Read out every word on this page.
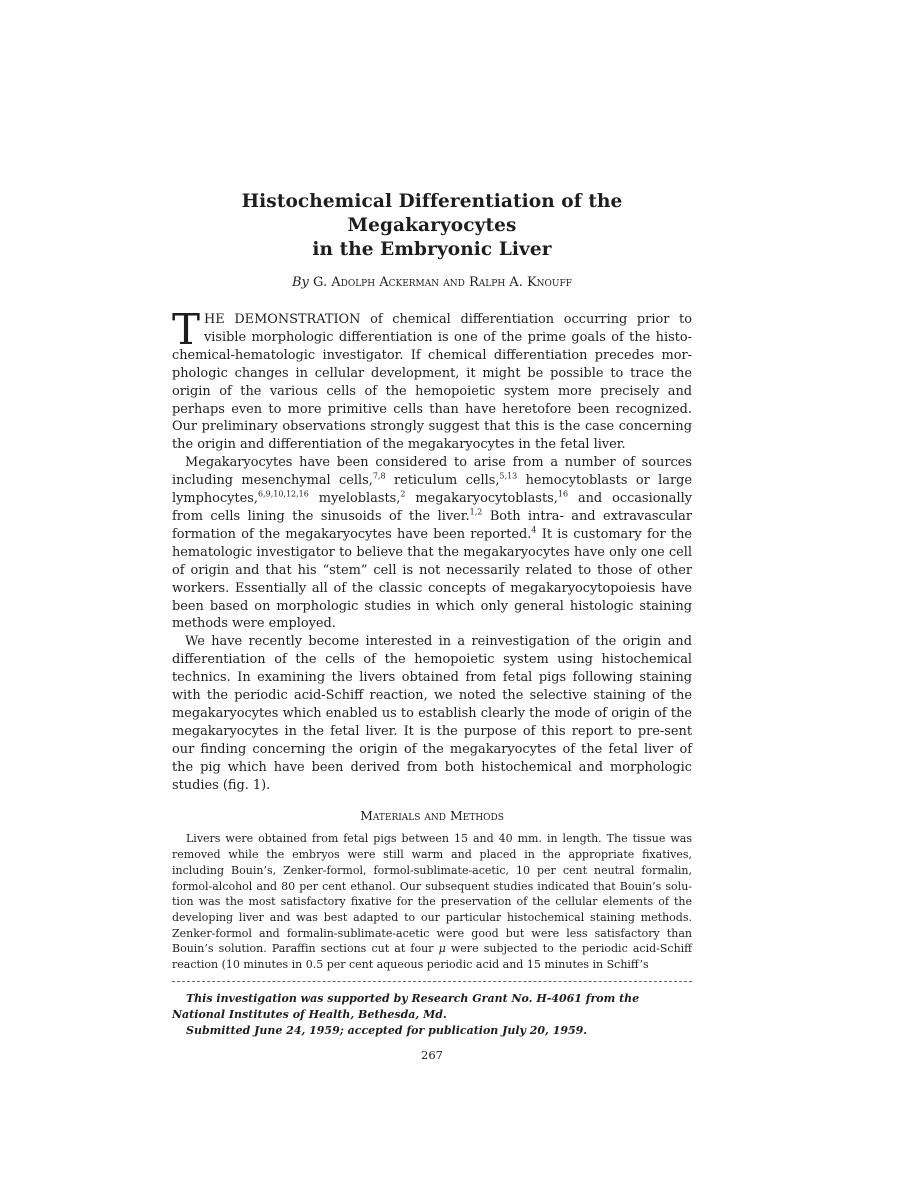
Histochemical Differentiation of the Megakaryocytes
in the Embryonic Liver
By G. Adolph Ackerman and Ralph A. Knouff

THE DEMONSTRATION of chemical differentiation occurring prior to visible morphologic differentiation is one of the prime goals of the histo-chemical-hematologic investigator. If chemical differentiation precedes mor-phologic changes in cellular development, it might be possible to trace the origin of the various cells of the hemopoietic system more precisely and perhaps even to more primitive cells than have heretofore been recognized. Our preliminary observations strongly suggest that this is the case concerning the origin and differentiation of the megakaryocytes in the fetal liver.

Megakaryocytes have been considered to arise from a number of sources including mesenchymal cells,$^{7,8}$ reticulum cells,$^{5,13}$ hemocytoblasts or large lymphocytes,$^{6,9,10,12,16}$ myeloblasts,$^2$ megakaryocytoblasts,$^{16}$ and occasionally from cells lining the sinusoids of the liver.$^{1,2}$ Both intra- and extravascular formation of the megakaryocytes have been reported.$^4$ It is customary for the hematologic investigator to believe that the megakaryocytes have only one cell of origin and that his “stem” cell is not necessarily related to those of other workers. Essentially all of the classic concepts of megakaryocytopoiesis have been based on morphologic studies in which only general histologic staining methods were employed.

We have recently become interested in a reinvestigation of the origin and differentiation of the cells of the hemopoietic system using histochemical technics. In examining the livers obtained from fetal pigs following staining with the periodic acid-Schiff reaction, we noted the selective staining of the megakaryocytes which enabled us to establish clearly the mode of origin of the megakaryocytes in the fetal liver. It is the purpose of this report to pre-sent our finding concerning the origin of the megakaryocytes of the fetal liver of the pig which have been derived from both histochemical and morphologic studies (fig. 1).

Materials and Methods

Livers were obtained from fetal pigs between 15 and 40 mm. in length. The tissue was removed while the embryos were still warm and placed in the appropriate fixatives, including Bouin’s, Zenker-formol, formol-sublimate-acetic, 10 per cent neutral formalin, formol-alcohol and 80 per cent ethanol. Our subsequent studies indicated that Bouin’s solu-tion was the most satisfactory fixative for the preservation of the cellular elements of the developing liver and was best adapted to our particular histochemical staining methods. Zenker-formol and formalin-sublimate-acetic were good but were less satisfactory than Bouin’s solution. Paraffin sections cut at four μ were subjected to the periodic acid-Schiff reaction (10 minutes in 0.5 per cent aqueous periodic acid and 15 minutes in Schiff’s

This investigation was supported by Research Grant No. H-4061 from the National Institutes of Health, Bethesda, Md.

Submitted June 24, 1959; accepted for publication July 20, 1959.

267
